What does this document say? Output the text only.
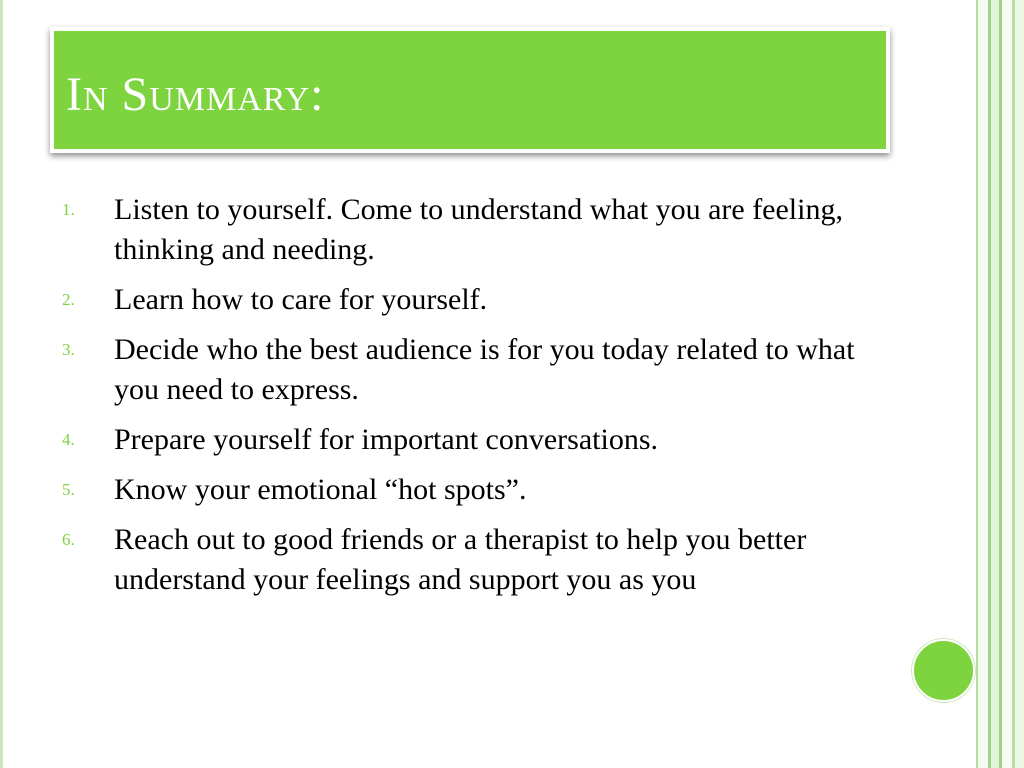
In Summary:
1.	Listen to yourself. Come to understand what you are feeling, thinking and needing.
2.	Learn how to care for yourself.
3.	Decide who the best audience is for you today related to what you need to express.
4.	Prepare yourself for important conversations.
5.	Know your emotional “hot spots”.
6.	Reach out to good friends or a therapist to help you better understand your feelings and support you as you
